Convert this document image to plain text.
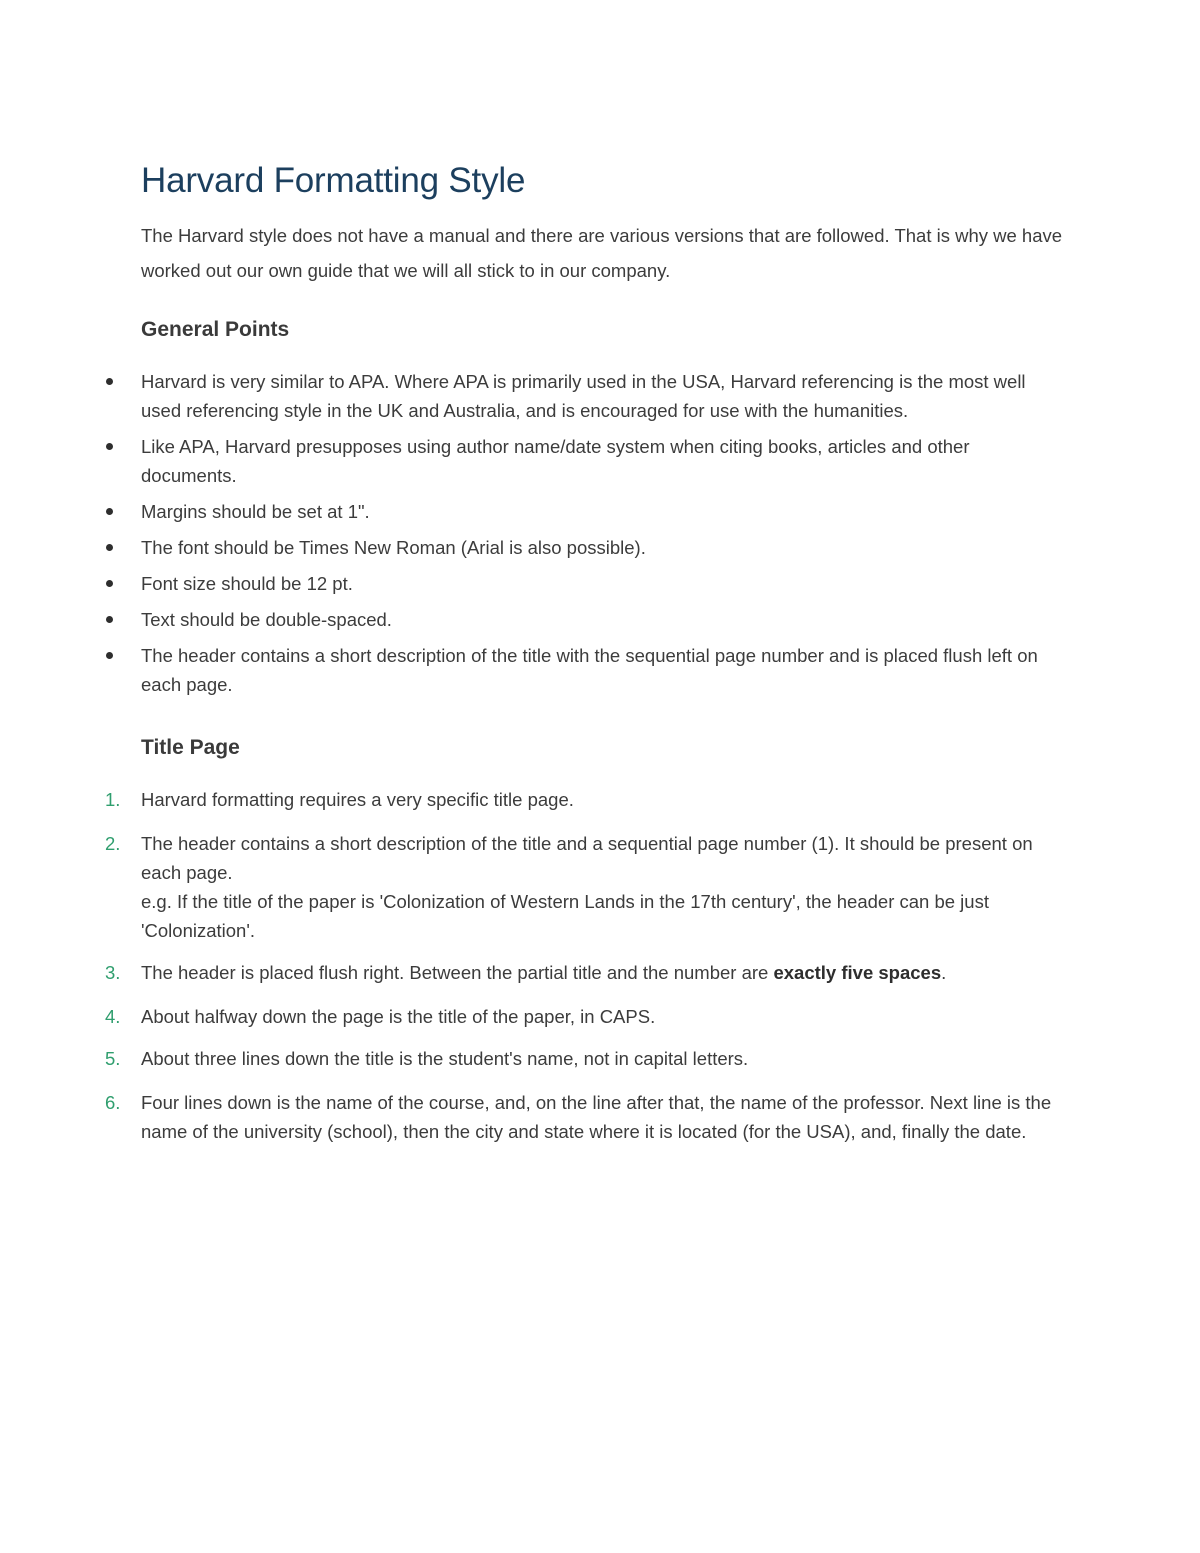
Harvard Formatting Style

The Harvard style does not have a manual and there are various versions that are followed. That is why we have worked out our own guide that we will all stick to in our company.

General Points
Harvard is very similar to APA. Where APA is primarily used in the USA, Harvard referencing is the most well used referencing style in the UK and Australia, and is encouraged for use with the humanities.
Like APA, Harvard presupposes using author name/date system when citing books, articles and other documents.
Margins should be set at 1".
The font should be Times New Roman (Arial is also possible).
Font size should be 12 pt.
Text should be double-spaced.
The header contains a short description of the title with the sequential page number and is placed flush left on each page.
Title Page
1. Harvard formatting requires a very specific title page.
2. The header contains a short description of the title and a sequential page number (1). It should be present on each page.
e.g. If the title of the paper is 'Colonization of Western Lands in the 17th century', the header can be just 'Colonization'.
3. The header is placed flush right. Between the partial title and the number are exactly five spaces.
4. About halfway down the page is the title of the paper, in CAPS.
5. About three lines down the title is the student's name, not in capital letters.
6. Four lines down is the name of the course, and, on the line after that, the name of the professor. Next line is the name of the university (school), then the city and state where it is located (for the USA), and, finally the date.
